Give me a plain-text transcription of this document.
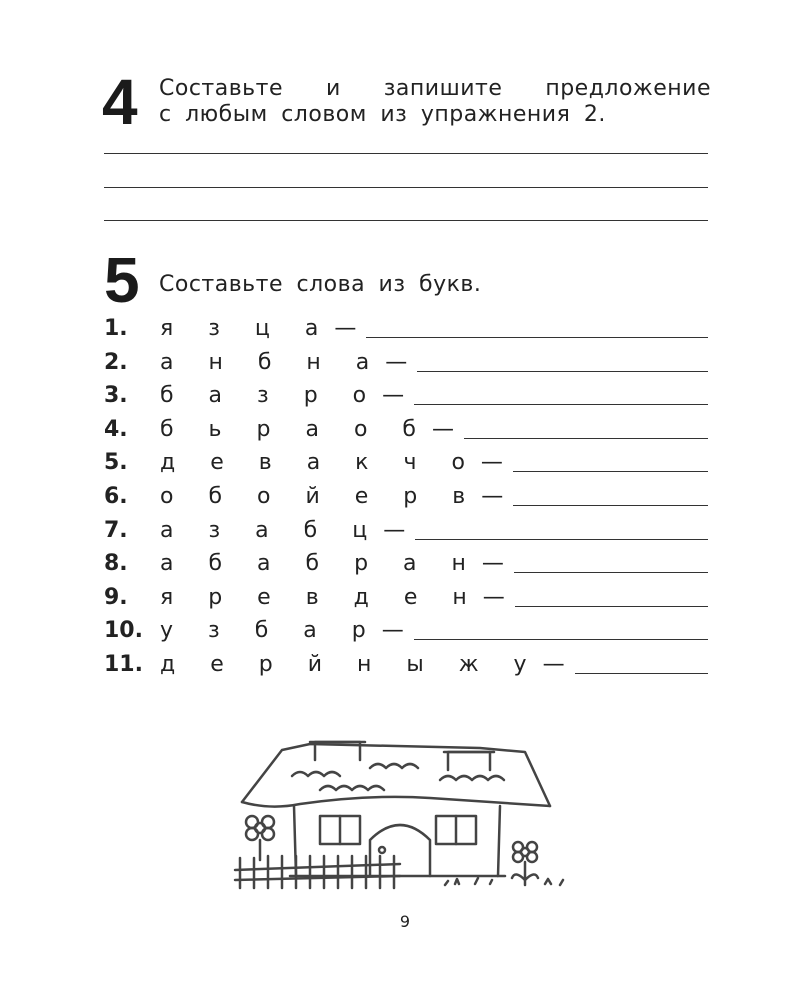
4 Составьте и запишите предложение
с любым словом из упражнения 2.
5 Составьте слова из букв.
1.	я з ц а —
2.	а н б н а —
3.	б а з р о —
4.	б ь р а о б —
5.	д е в а к ч о —
6.	о б о й е р в —
7.	а з а б ц —
8.	а б а б р а н —
9.	я р е в д е н —
10. у з б а р —
11. д е р й н ы ж у —
9
